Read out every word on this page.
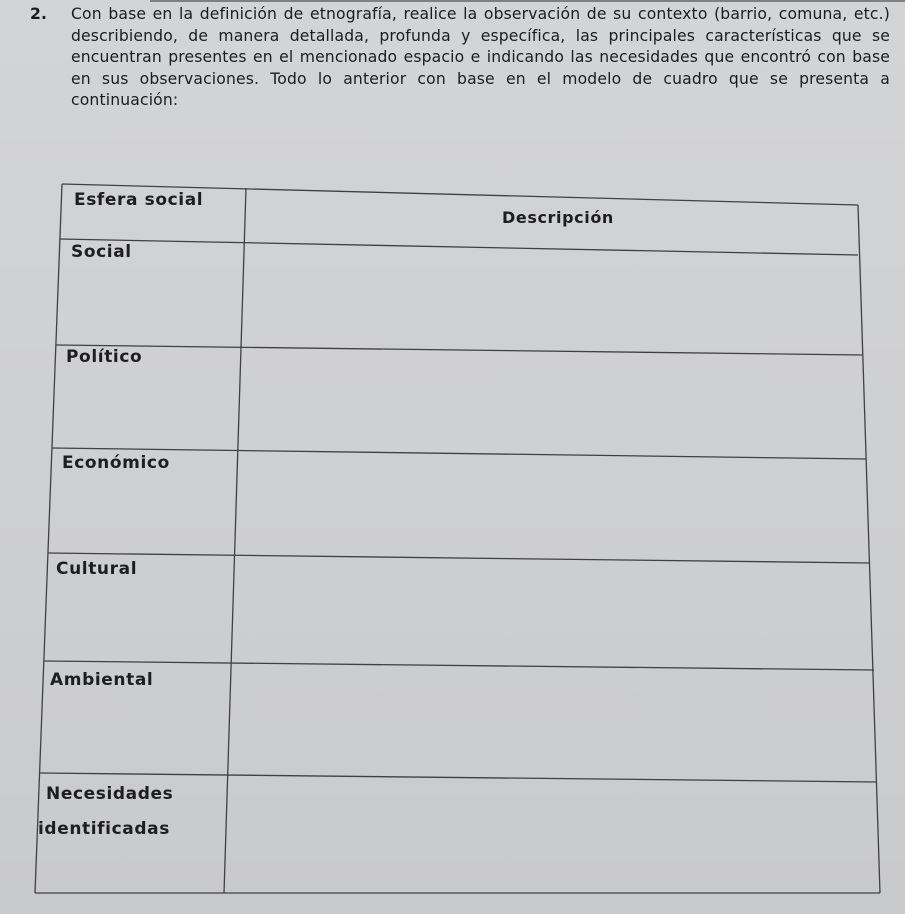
2. Con base en la definición de etnografía, realice la observación de su contexto (barrio, comuna, etc.) describiendo, de manera detallada, profunda y específica, las principales características que se encuentran presentes en el mencionado espacio e indicando las necesidades que encontró con base en sus observaciones. Todo lo anterior con base en el modelo de cuadro que se presenta a continuación:
Esfera social
Descripción
Social
Político
Económico
Cultural
Ambiental
Necesidades
identificadas
